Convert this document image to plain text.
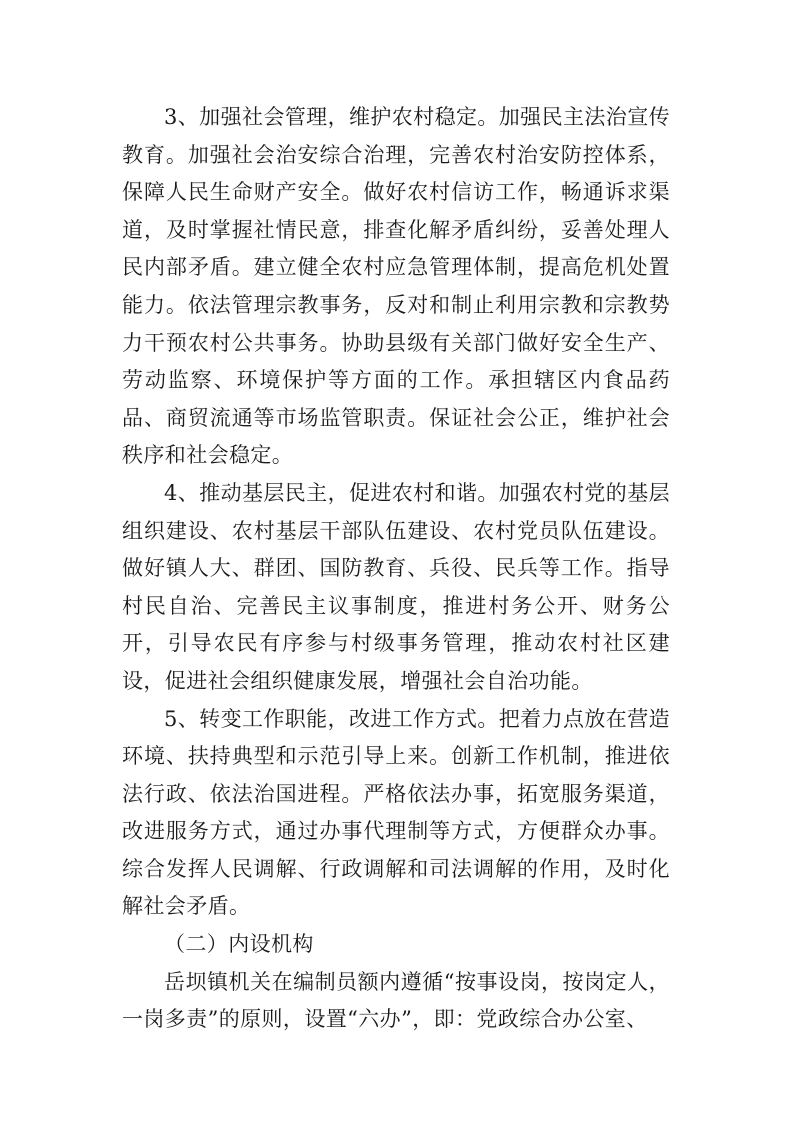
3、加强社会管理，维护农村稳定。加强民主法治宣传教育。加强社会治安综合治理，完善农村治安防控体系，保障人民生命财产安全。做好农村信访工作，畅通诉求渠道，及时掌握社情民意，排查化解矛盾纠纷，妥善处理人民内部矛盾。建立健全农村应急管理体制，提高危机处置能力。依法管理宗教事务，反对和制止利用宗教和宗教势力干预农村公共事务。协助县级有关部门做好安全生产、劳动监察、环境保护等方面的工作。承担辖区内食品药品、商贸流通等市场监管职责。保证社会公正，维护社会秩序和社会稳定。

4、推动基层民主，促进农村和谐。加强农村党的基层组织建设、农村基层干部队伍建设、农村党员队伍建设。做好镇人大、群团、国防教育、兵役、民兵等工作。指导村民自治、完善民主议事制度，推进村务公开、财务公开，引导农民有序参与村级事务管理，推动农村社区建设，促进社会组织健康发展，增强社会自治功能。

5、转变工作职能，改进工作方式。把着力点放在营造环境、扶持典型和示范引导上来。创新工作机制，推进依法行政、依法治国进程。严格依法办事，拓宽服务渠道，改进服务方式，通过办事代理制等方式，方便群众办事。综合发挥人民调解、行政调解和司法调解的作用，及时化解社会矛盾。

（二）内设机构

岳坝镇机关在编制员额内遵循“按事设岗，按岗定人，一岗多责”的原则，设置“六办”，即：党政综合办公室、
